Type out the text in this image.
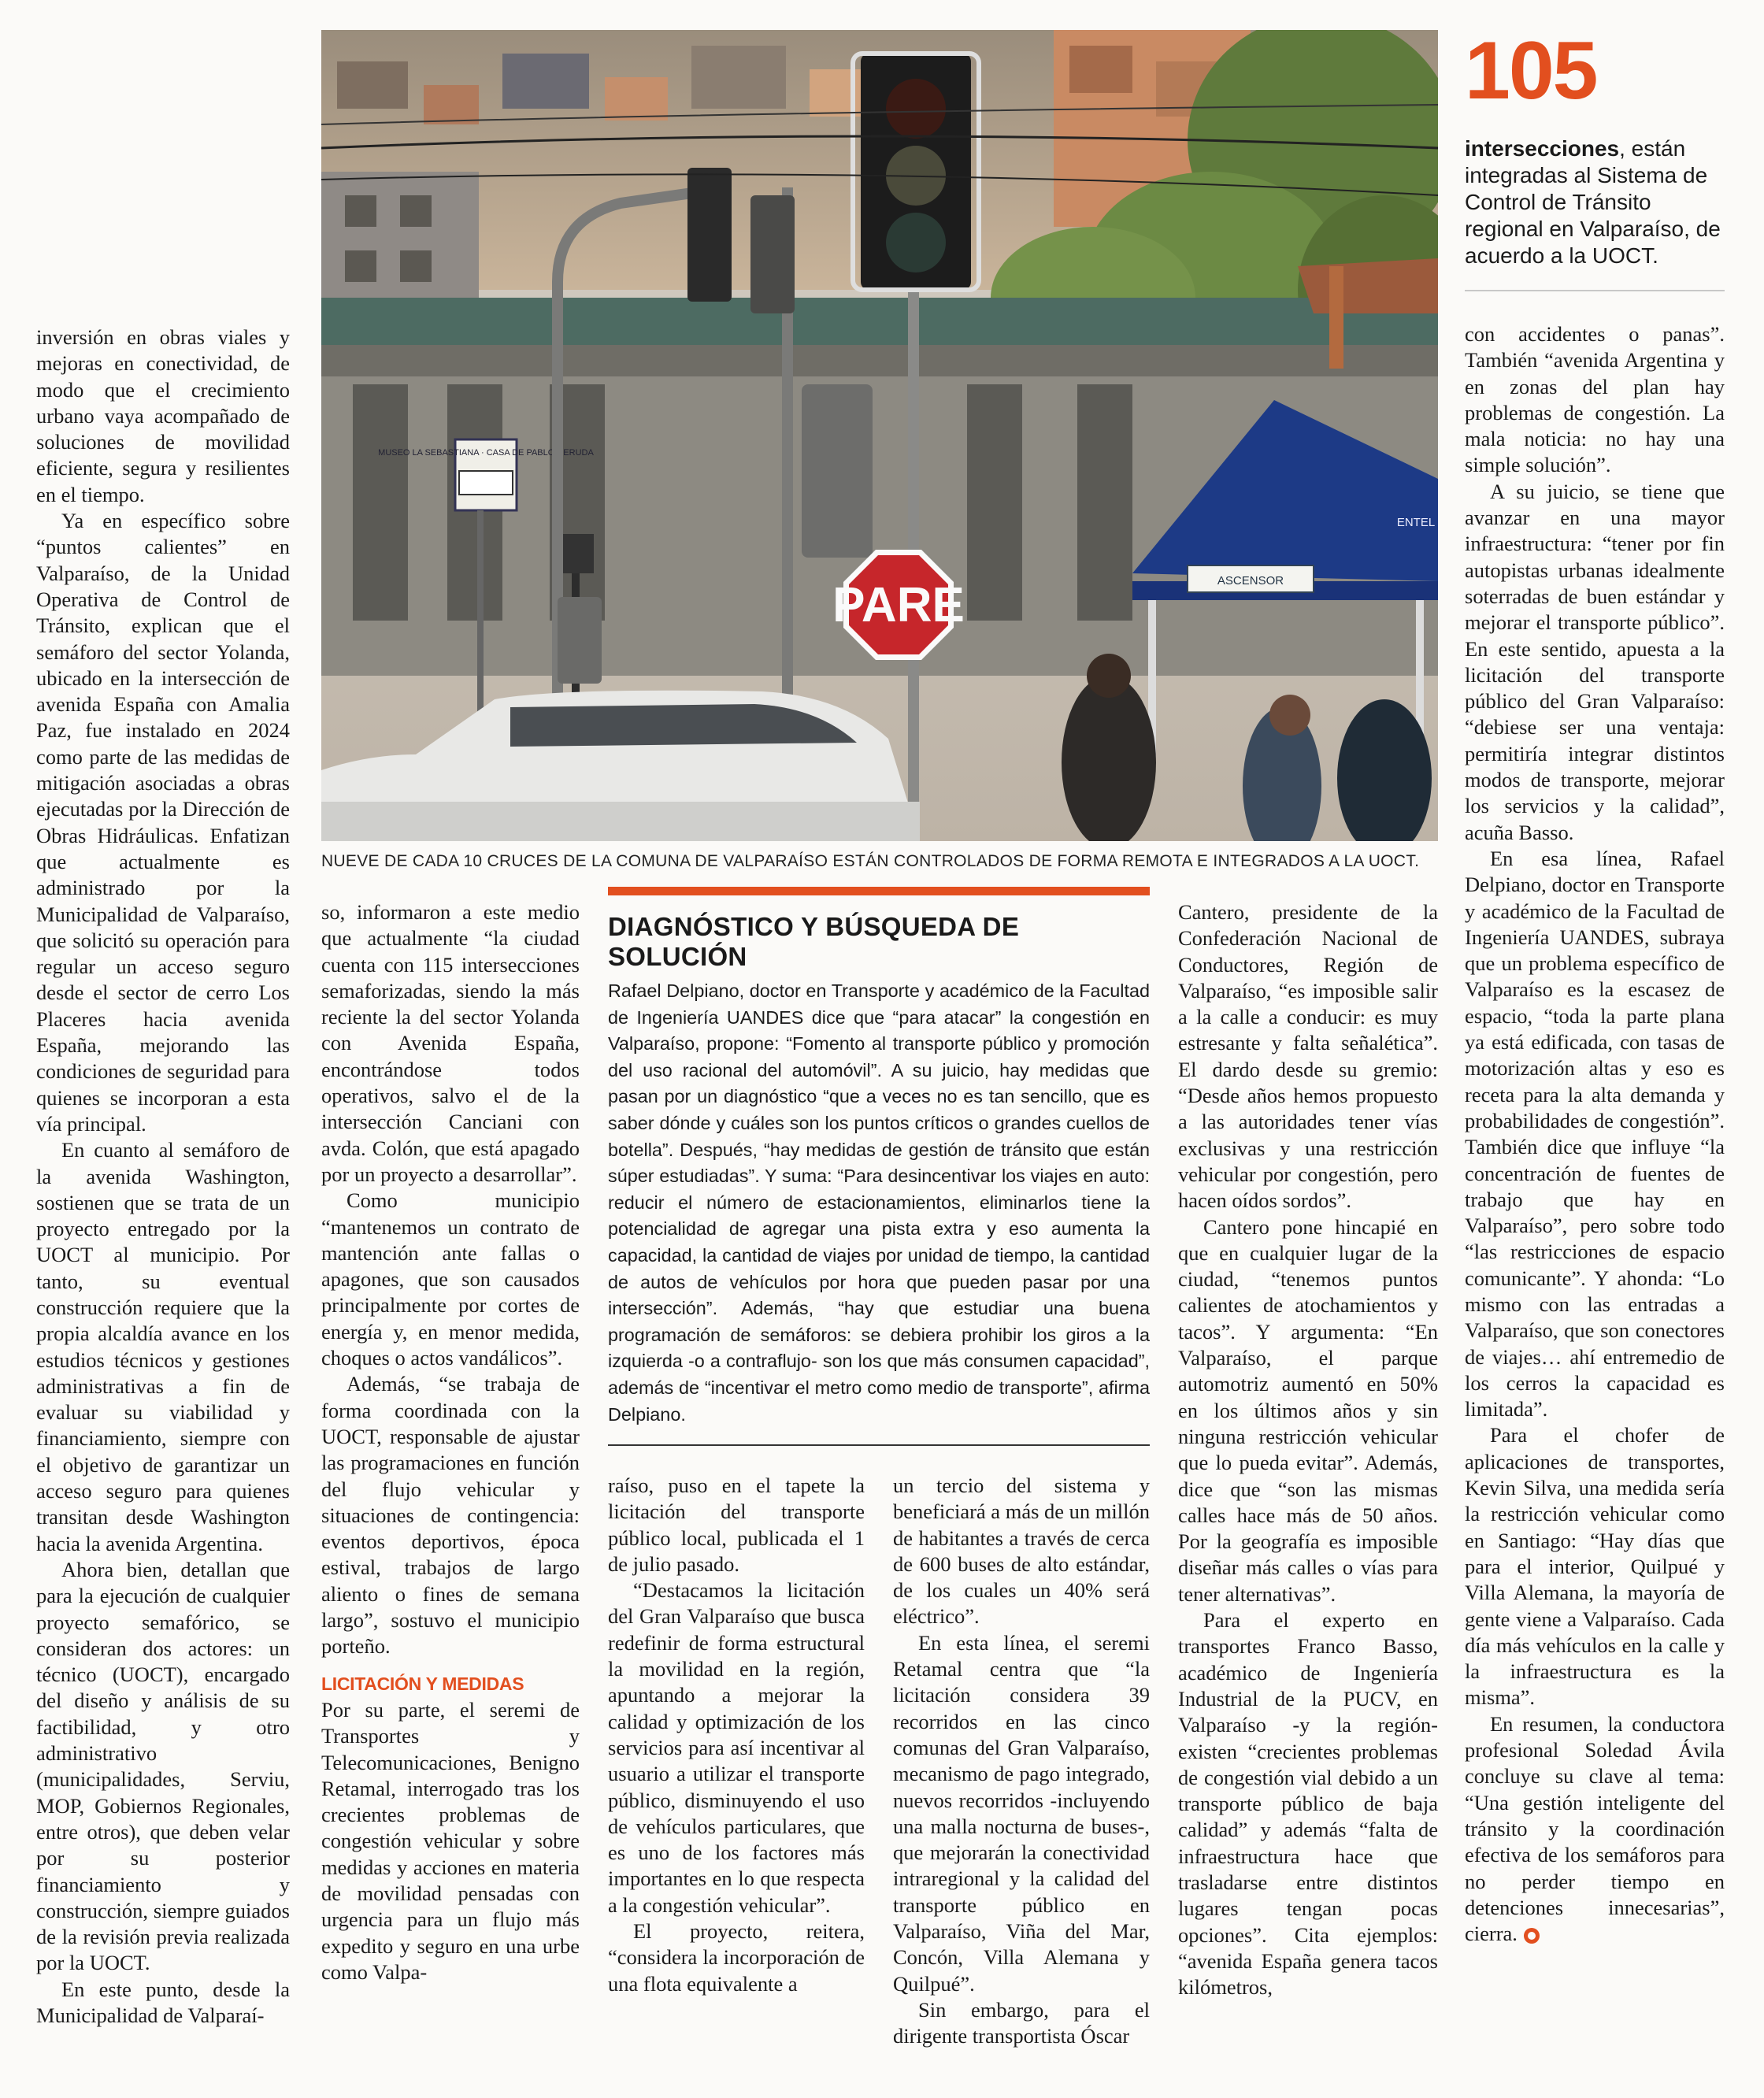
MUSEO LA SEBASTIANA · CASA DE PABLO NERUDA
ASCENSOR
ENTEL
PARE
NUEVE DE CADA 10 CRUCES DE LA COMUNA DE VALPARAÍSO ESTÁN CONTROLADOS DE FORMA REMOTA E INTEGRADOS A LA UOCT.
105
intersecciones, están integradas al Sistema de Control de Tránsito regional en Valparaíso, de acuerdo a la UOCT.

inversión en obras viales y mejoras en conectividad, de modo que el crecimiento urbano vaya acompañado de soluciones de movilidad eficiente, segura y resilientes en el tiempo.

Ya en específico sobre “puntos calientes” en Valparaíso, de la Unidad Operativa de Control de Tránsito, explican que el semáforo del sector Yolanda, ubicado en la intersección de avenida España con Amalia Paz, fue instalado en 2024 como parte de las medidas de mitigación asociadas a obras ejecutadas por la Dirección de Obras Hidráulicas. Enfatizan que actualmente es administrado por la Municipalidad de Valparaíso, que solicitó su operación para regular un acceso seguro desde el sector de cerro Los Placeres hacia avenida España, mejorando las condiciones de seguridad para quienes se incorporan a esta vía principal.

En cuanto al semáforo de la avenida Washington, sostienen que se trata de un proyecto entregado por la UOCT al municipio. Por tanto, su eventual construcción requiere que la propia alcaldía avance en los estudios técnicos y gestiones administrativas a fin de evaluar su viabilidad y financiamiento, siempre con el objetivo de garantizar un acceso seguro para quienes transitan desde Washington hacia la avenida Argentina.

Ahora bien, detallan que para la ejecución de cualquier proyecto semafórico, se consideran dos actores: un técnico (UOCT), encargado del diseño y análisis de su factibilidad, y otro administrativo (municipalidades, Serviu, MOP, Gobiernos Regionales, entre otros), que deben velar por su posterior financiamiento y construcción, siempre guiados de la revisión previa realizada por la UOCT.

En este punto, desde la Municipalidad de Valparaí-

so, informaron a este medio que actualmente “la ciudad cuenta con 115 intersecciones semaforizadas, siendo la más reciente la del sector Yolanda con Avenida España, encontrándose todos operativos, salvo el de la intersección Canciani con avda. Colón, que está apagado por un proyecto a desarrollar”.

Como municipio “mantenemos un contrato de mantención ante fallas o apagones, que son causados principalmente por cortes de energía y, en menor medida, choques o actos vandálicos”.

Además, “se trabaja de forma coordinada con la UOCT, responsable de ajustar las programaciones en función del flujo vehicular y situaciones de contingencia: eventos deportivos, época estival, trabajos de largo aliento o fines de semana largo”, sostuvo el municipio porteño.

LICITACIÓN Y MEDIDAS

Por su parte, el seremi de Transportes y Telecomunicaciones, Benigno Retamal, interrogado tras los crecientes problemas de congestión vehicular y sobre medidas y acciones en materia de movilidad pensadas con urgencia para un flujo más expedito y seguro en una urbe como Valpa-

DIAGNÓSTICO Y BÚSQUEDA DE SOLUCIÓN
Rafael Delpiano, doctor en Transporte y académico de la Facultad de Ingeniería UANDES dice que “para atacar” la congestión en Valparaíso, propone: “Fomento al transporte público y promoción del uso racional del automóvil”. A su juicio, hay medidas que pasan por un diagnóstico “que a veces no es tan sencillo, que es saber dónde y cuáles son los puntos críticos o grandes cuellos de botella”. Después, “hay medidas de gestión de tránsito que están súper estudiadas”. Y suma: “Para desincentivar los viajes en auto: reducir el número de estacionamientos, eliminarlos tiene la potencialidad de agregar una pista extra y eso aumenta la capacidad, la cantidad de viajes por unidad de tiempo, la cantidad de autos de vehículos por hora que pueden pasar por una intersección”. Además, “hay que estudiar una buena programación de semáforos: se debiera prohibir los giros a la izquierda -o a contraflujo- son los que más consumen capacidad”, además de “incentivar el metro como medio de transporte”, afirma Delpiano.

raíso, puso en el tapete la licitación del transporte público local, publicada el 1 de julio pasado.

“Destacamos la licitación del Gran Valparaíso que busca redefinir de forma estructural la movilidad en la región, apuntando a mejorar la calidad y optimización de los servicios para así incentivar al usuario a utilizar el transporte público, disminuyendo el uso de vehículos particulares, que es uno de los factores más importantes en lo que respecta a la congestión vehicular”.

El proyecto, reitera, “considera la incorporación de una flota equivalente a

un tercio del sistema y beneficiará a más de un millón de habitantes a través de cerca de 600 buses de alto estándar, de los cuales un 40% será eléctrico”.

En esta línea, el seremi Retamal centra que “la licitación considera 39 recorridos en las cinco comunas del Gran Valparaíso, mecanismo de pago integrado, nuevos recorridos -incluyendo una malla nocturna de buses-, que mejorarán la conectividad intraregional y la calidad del transporte público en Valparaíso, Viña del Mar, Concón, Villa Alemana y Quilpué”.

Sin embargo, para el dirigente transportista Óscar

Cantero, presidente de la Confederación Nacional de Conductores, Región de Valparaíso, “es imposible salir a la calle a conducir: es muy estresante y falta señalética”. El dardo desde su gremio: “Desde años hemos propuesto a las autoridades tener vías exclusivas y una restricción vehicular por congestión, pero hacen oídos sordos”.

Cantero pone hincapié en que en cualquier lugar de la ciudad, “tenemos puntos calientes de atochamientos y tacos”. Y argumenta: “En Valparaíso, el parque automotriz aumentó en 50% en los últimos años y sin ninguna restricción vehicular que lo pueda evitar”. Además, dice que “son las mismas calles hace más de 50 años. Por la geografía es imposible diseñar más calles o vías para tener alternativas”.

Para el experto en transportes Franco Basso, académico de Ingeniería Industrial de la PUCV, en Valparaíso -y la región- existen “crecientes problemas de congestión vial debido a un transporte público de baja calidad” y además “falta de infraestructura hace que trasladarse entre distintos lugares tengan pocas opciones”. Cita ejemplos: “avenida España genera tacos kilómetros,

con accidentes o panas”. También “avenida Argentina y en zonas del plan hay problemas de congestión. La mala noticia: no hay una simple solución”.

A su juicio, se tiene que avanzar en una mayor infraestructura: “tener por fin autopistas urbanas idealmente soterradas de buen estándar y mejorar el transporte público”. En este sentido, apuesta a la licitación del transporte público del Gran Valparaíso: “debiese ser una ventaja: permitiría integrar distintos modos de transporte, mejorar los servicios y la calidad”, acuña Basso.

En esa línea, Rafael Delpiano, doctor en Transporte y académico de la Facultad de Ingeniería UANDES, subraya que un problema específico de Valparaíso es la escasez de espacio, “toda la parte plana ya está edificada, con tasas de motorización altas y eso es receta para la alta demanda y probabilidades de congestión”. También dice que influye “la concentración de fuentes de trabajo que hay en Valparaíso”, pero sobre todo “las restricciones de espacio comunicante”. Y ahonda: “Lo mismo con las entradas a Valparaíso, que son conectores de viajes… ahí entremedio de los cerros la capacidad es limitada”.

Para el chofer de aplicaciones de transportes, Kevin Silva, una medida sería la restricción vehicular como en Santiago: “Hay días que para el interior, Quilpué y Villa Alemana, la mayoría de gente viene a Valparaíso. Cada día más vehículos en la calle y la infraestructura es la misma”.

En resumen, la conductora profesional Soledad Ávila concluye su clave al tema: “Una gestión inteligente del tránsito y la coordinación efectiva de los semáforos para no perder tiempo en detenciones innecesarias”, cierra.
